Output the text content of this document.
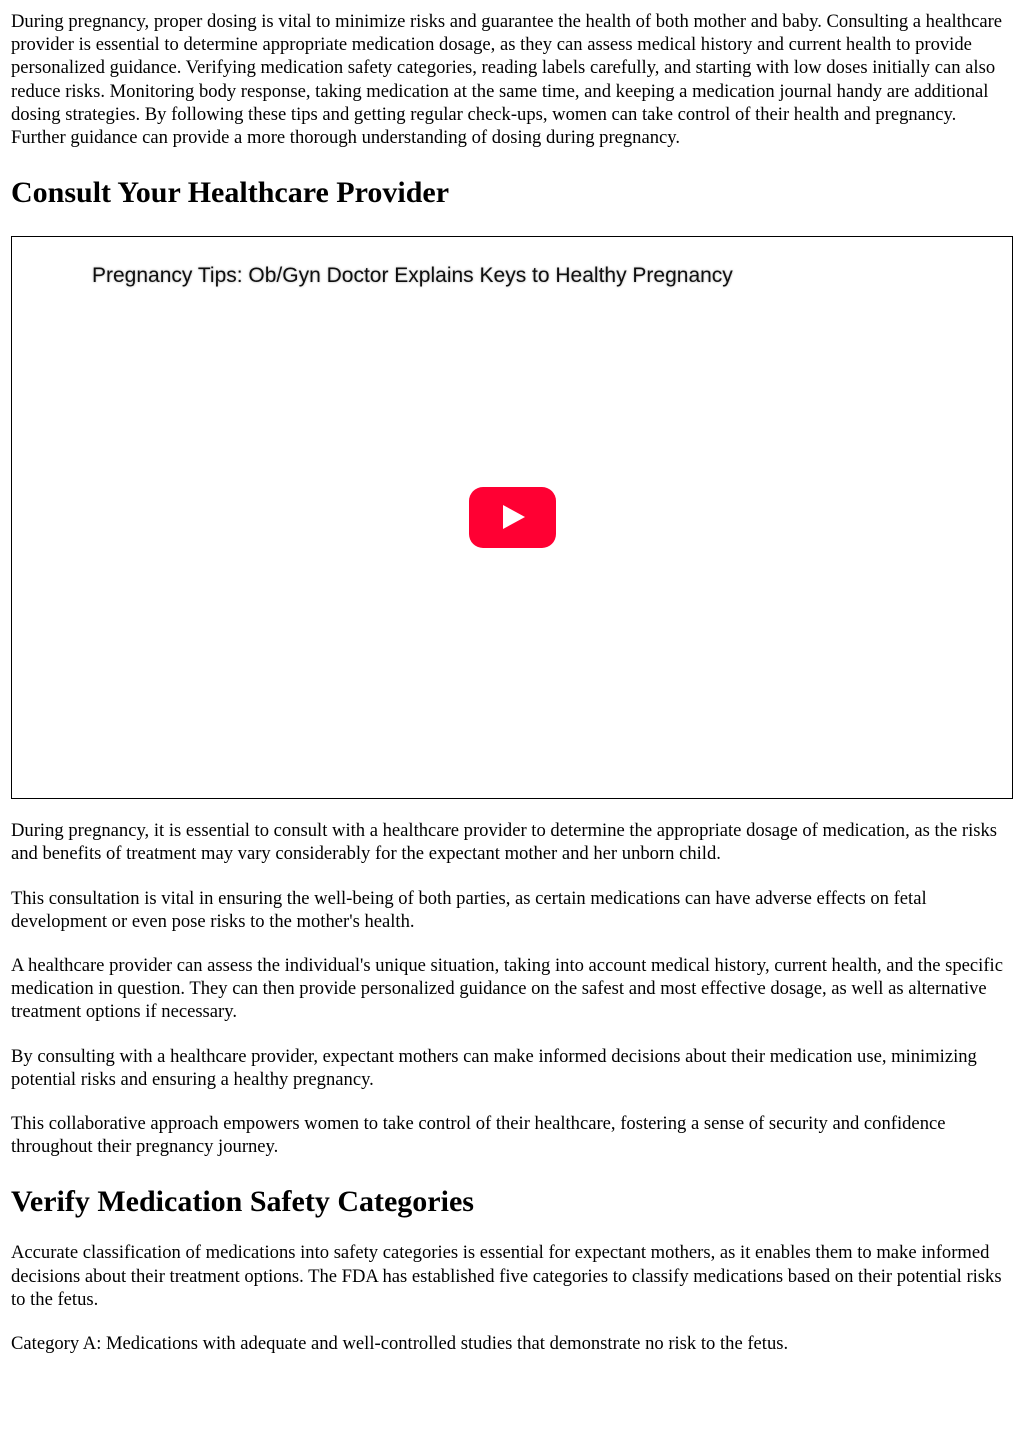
During pregnancy, proper dosing is vital to minimize risks and guarantee the health of both mother and baby. Consulting a healthcare provider is essential to determine appropriate medication dosage, as they can assess medical history and current health to provide personalized guidance. Verifying medication safety categories, reading labels carefully, and starting with low doses initially can also reduce risks. Monitoring body response, taking medication at the same time, and keeping a medication journal handy are additional dosing strategies. By following these tips and getting regular check-ups, women can take control of their health and pregnancy. Further guidance can provide a more thorough understanding of dosing during pregnancy.

Consult Your Healthcare Provider
Pregnancy Tips: Ob/Gyn Doctor Explains Keys to Healthy Pregnancy

During pregnancy, it is essential to consult with a healthcare provider to determine the appropriate dosage of medication, as the risks and benefits of treatment may vary considerably for the expectant mother and her unborn child.

This consultation is vital in ensuring the well-being of both parties, as certain medications can have adverse effects on fetal development or even pose risks to the mother's health.

A healthcare provider can assess the individual's unique situation, taking into account medical history, current health, and the specific medication in question. They can then provide personalized guidance on the safest and most effective dosage, as well as alternative treatment options if necessary.

By consulting with a healthcare provider, expectant mothers can make informed decisions about their medication use, minimizing potential risks and ensuring a healthy pregnancy.

This collaborative approach empowers women to take control of their healthcare, fostering a sense of security and confidence throughout their pregnancy journey.

Verify Medication Safety Categories

Accurate classification of medications into safety categories is essential for expectant mothers, as it enables them to make informed decisions about their treatment options. The FDA has established five categories to classify medications based on their potential risks to the fetus.

Category A: Medications with adequate and well-controlled studies that demonstrate no risk to the fetus.
